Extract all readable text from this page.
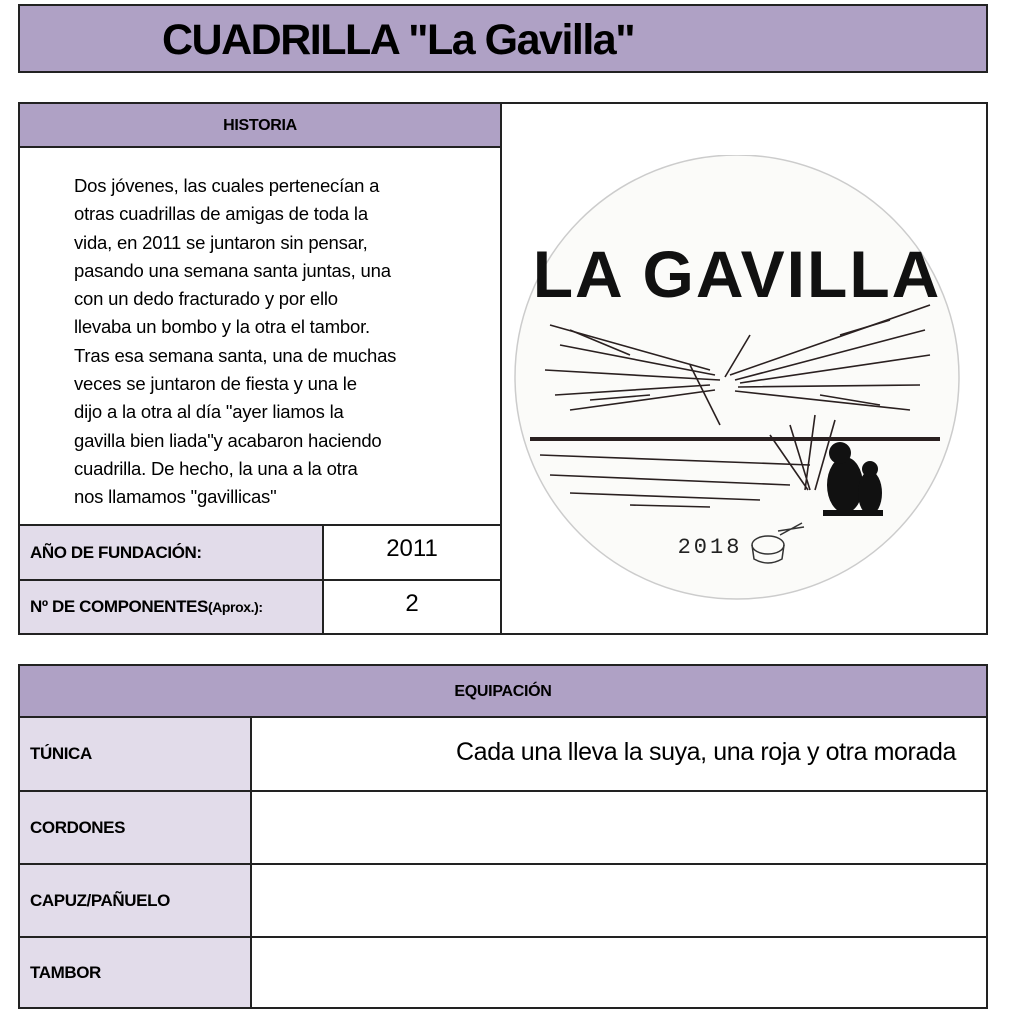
CUADRILLA "La Gavilla"
HISTORIA
Dos jóvenes, las cuales pertenecían a
otras cuadrillas de amigas de toda la
vida, en 2011 se juntaron sin pensar,
pasando una semana santa juntas, una
con un dedo fracturado y por ello
llevaba un bombo y la otra el tambor.
Tras esa semana santa, una de muchas
veces se juntaron de fiesta y una le
dijo a la otra al día "ayer liamos la
gavilla bien liada"y acabaron haciendo
cuadrilla. De hecho, la una a la otra
nos llamamos "gavillicas"
AÑO DE FUNDACIÓN:	2011
Nº DE COMPONENTES (Aprox.):	2
LA GAVILLA
2018
EQUIPACIÓN
TÚNICA	Cada una lleva la suya, una roja y otra morada
CORDONES
CAPUZ/PAÑUELO
TAMBOR
